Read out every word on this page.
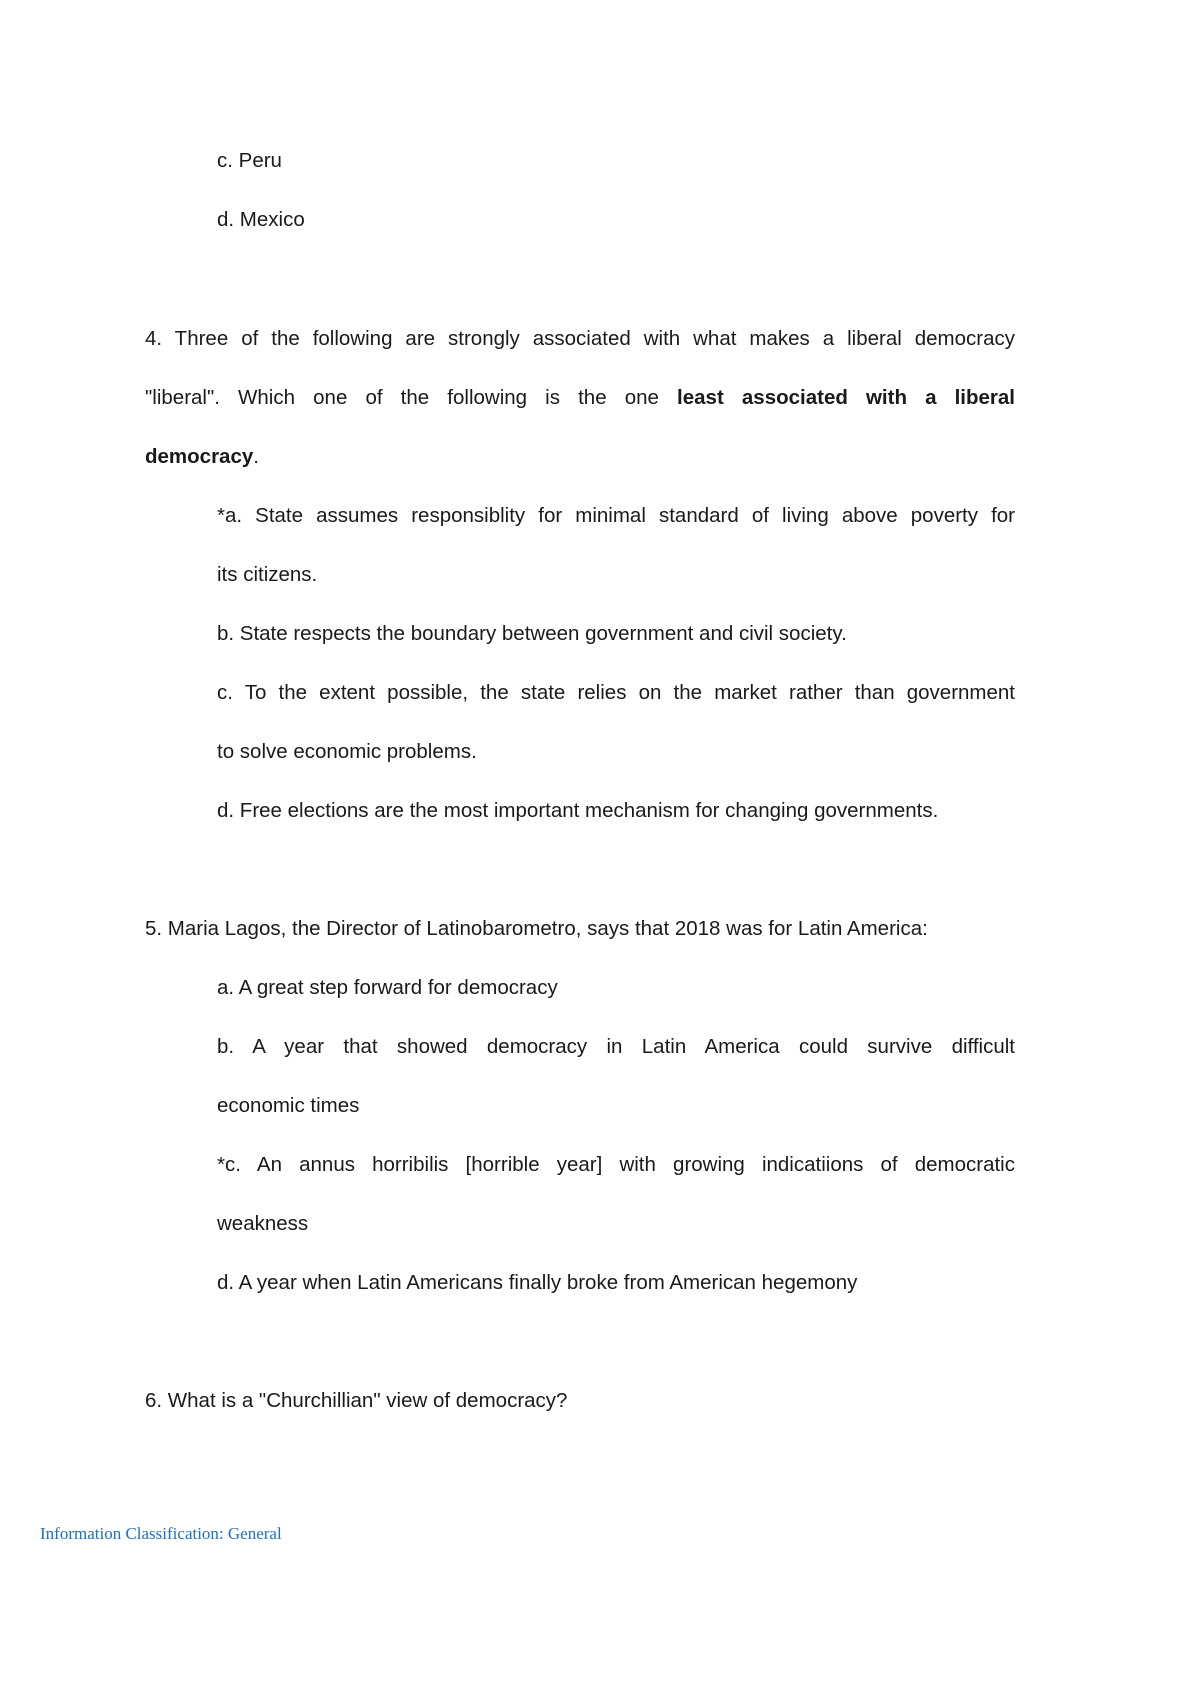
c. Peru
d. Mexico
4. Three of the following are strongly associated with what makes a liberal democracy
"liberal". Which one of the following is the one least associated with a liberal
democracy.
*a. State assumes responsiblity for minimal standard of living above poverty for
its citizens.
b. State respects the boundary between government and civil society.
c. To the extent possible, the state relies on the market rather than government
to solve economic problems.
d. Free elections are the most important mechanism for changing governments.
5. Maria Lagos, the Director of Latinobarometro, says that 2018 was for Latin America:
a. A great step forward for democracy
b. A year that showed democracy in Latin America could survive difficult
economic times
*c. An annus horribilis [horrible year] with growing indicatiions of democratic
weakness
d. A year when Latin Americans finally broke from American hegemony
6. What is a "Churchillian" view of democracy?
Information Classification: General
